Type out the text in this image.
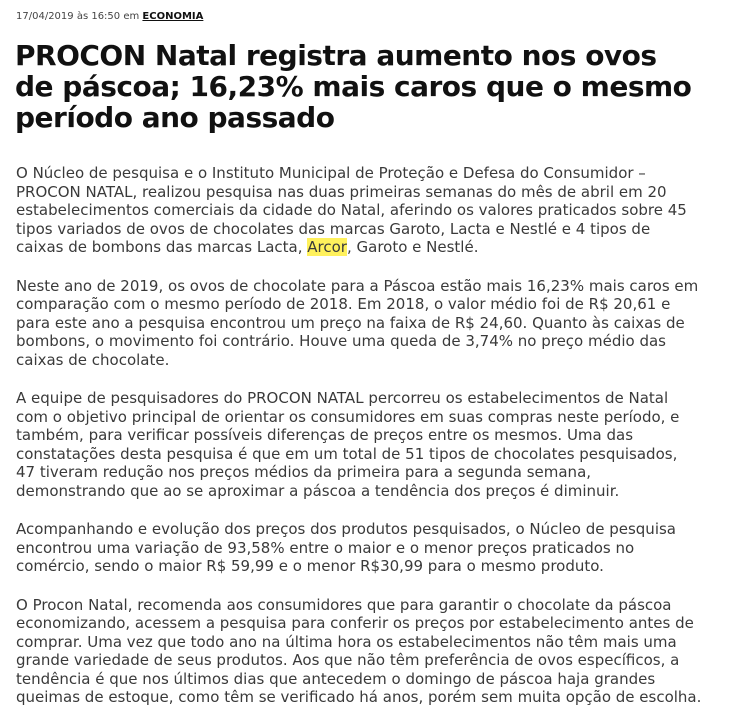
17/04/2019 às 16:50 em ECONOMIA
PROCON Natal registra aumento nos ovos
de páscoa; 16,23% mais caros que o mesmo
período ano passado

O Núcleo de pesquisa e o Instituto Municipal de Proteção e Defesa do Consumidor –
PROCON NATAL, realizou pesquisa nas duas primeiras semanas do mês de abril em 20
estabelecimentos comerciais da cidade do Natal, aferindo os valores praticados sobre 45
tipos variados de ovos de chocolates das marcas Garoto, Lacta e Nestlé e 4 tipos de
caixas de bombons das marcas Lacta, Arcor, Garoto e Nestlé.

Neste ano de 2019, os ovos de chocolate para a Páscoa estão mais 16,23% mais caros em
comparação com o mesmo período de 2018. Em 2018, o valor médio foi de R$ 20,61 e
para este ano a pesquisa encontrou um preço na faixa de R$ 24,60. Quanto às caixas de
bombons, o movimento foi contrário. Houve uma queda de 3,74% no preço médio das
caixas de chocolate.

A equipe de pesquisadores do PROCON NATAL percorreu os estabelecimentos de Natal
com o objetivo principal de orientar os consumidores em suas compras neste período, e
também, para verificar possíveis diferenças de preços entre os mesmos. Uma das
constatações desta pesquisa é que em um total de 51 tipos de chocolates pesquisados,
47 tiveram redução nos preços médios da primeira para a segunda semana,
demonstrando que ao se aproximar a páscoa a tendência dos preços é diminuir.

Acompanhando e evolução dos preços dos produtos pesquisados, o Núcleo de pesquisa
encontrou uma variação de 93,58% entre o maior e o menor preços praticados no
comércio, sendo o maior R$ 59,99 e o menor R$30,99 para o mesmo produto.

O Procon Natal, recomenda aos consumidores que para garantir o chocolate da páscoa
economizando, acessem a pesquisa para conferir os preços por estabelecimento antes de
comprar. Uma vez que todo ano na última hora os estabelecimentos não têm mais uma
grande variedade de seus produtos. Aos que não têm preferência de ovos específicos, a
tendência é que nos últimos dias que antecedem o domingo de páscoa haja grandes
queimas de estoque, como têm se verificado há anos, porém sem muita opção de escolha.
